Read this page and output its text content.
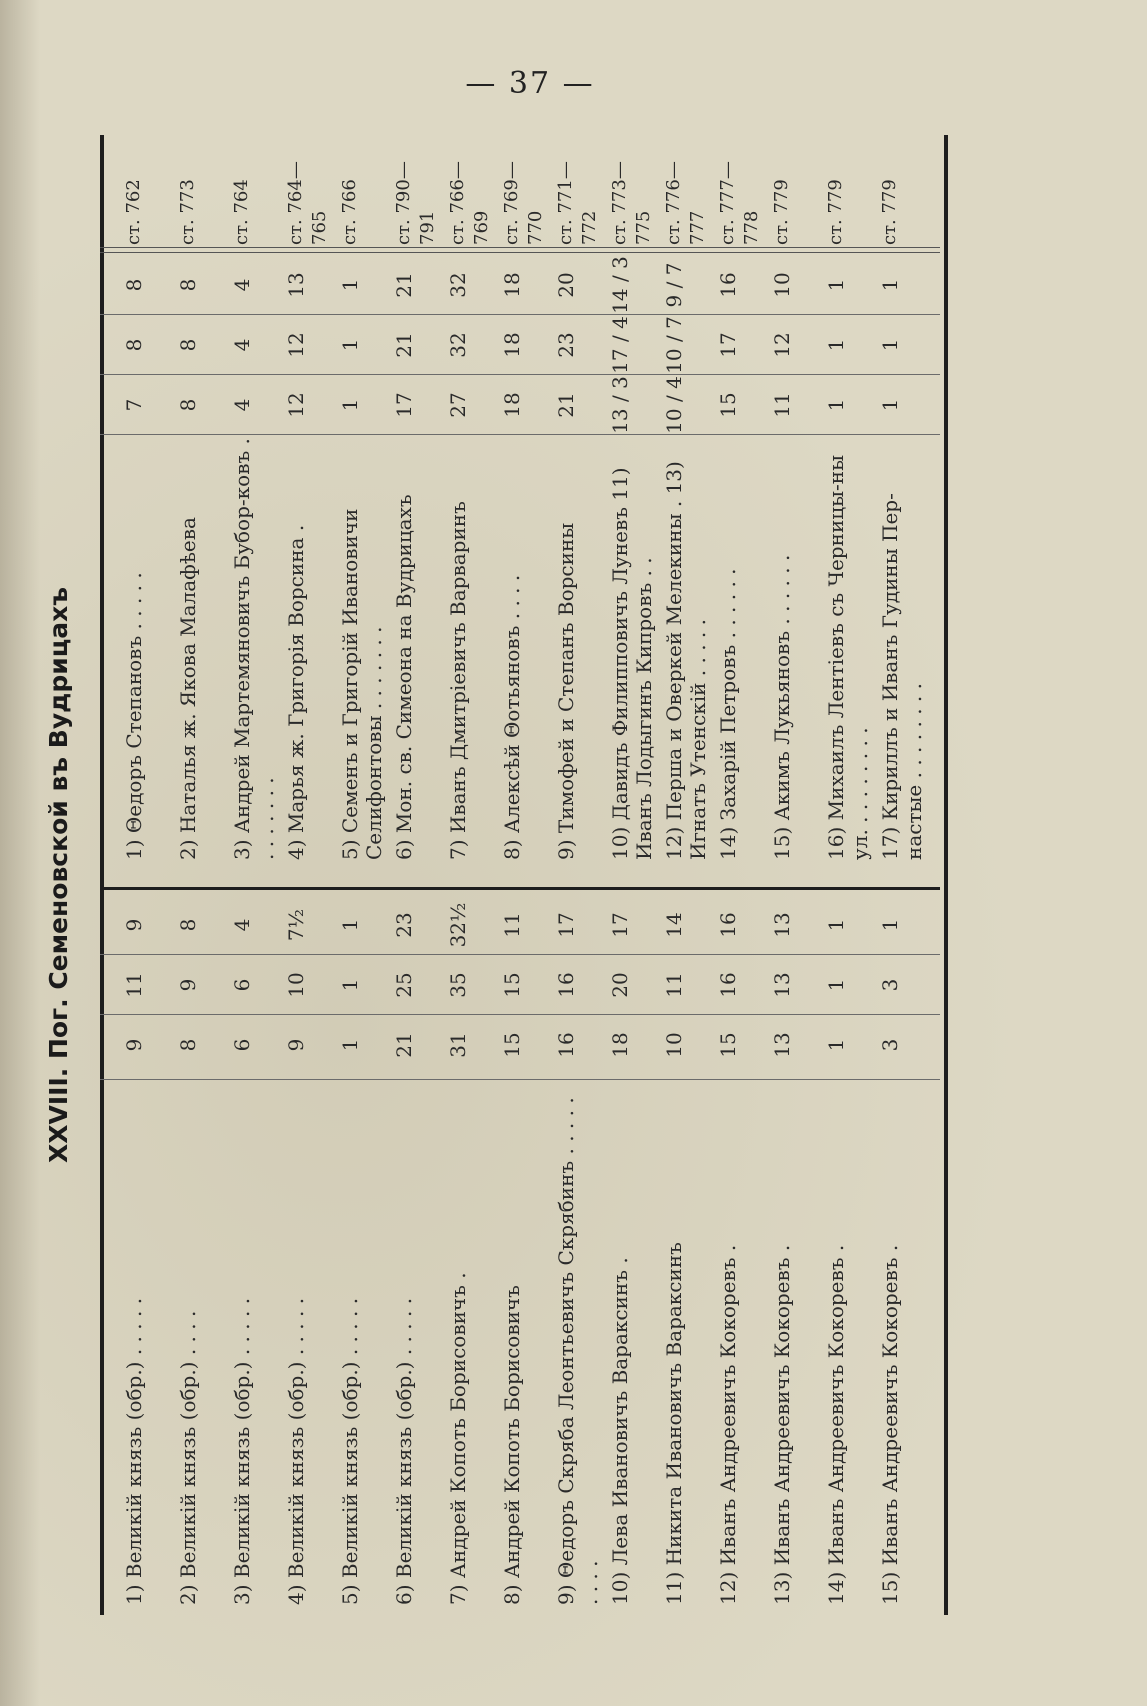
— 37 —
XXVIII. Пог. Семеновской въ Вудрицахъ
1) Великій князь (обр.) . . . . .
9
11
9
1) Θедоръ Степановъ . . . . .
7
8
8
ст. 762
2) Великій князь (обр.) . . . .
8
9
8
2) Наталья ж. Якова Малафѣева
8
8
8
ст. 773
3) Великій князь (обр.) . . . . .
6
6
4
3) Андрей Мартемяновичъ Бубор-ковъ . . . . . . . .
4
4
4
ст. 764
4) Великій князь (обр.) . . . . .
9
10
7½
4) Марья ж. Григорія Ворсина .
12
12
13
ст. 764—765
5) Великій князь (обр.) . . . . .
1
1
1
5) Семенъ и Григорій Ивановичи Селифонтовы . . . . . . .
1
1
1
ст. 766
6) Великій князь (обр.) . . . . .
21
25
23
6) Мон. св. Симеона на Вудрицахъ
17
21
21
ст. 790—791
7) Андрей Копоть Борисовичъ .
31
35
32½
7) Иванъ Дмитріевичъ Варваринъ
27
32
32
ст. 766—769
8) Андрей Копоть Борисовичъ
15
15
11
8) Алексѣй Θотьяновъ . . . .
18
18
18
ст. 769—770
9) Θедоръ Скряба Леонтьевичъ Скрябинъ . . . . . . . . .
16
16
17
9) Тимофей и Степанъ Ворсины
21
23
20
ст. 771—772
10) Лева Ивановичъ Вараксинъ .
18
20
17
10) Давидъ Филипповичъ Луневъ 11) Иванъ Лодыгинъ Кипровъ . .
13 / 3
17 / 4
14 / 3
ст. 773—775
11) Никита Ивановичъ Вараксинъ
10
11
14
12) Перша и Оверкей Мелекины . 13) Игнатъ Утенскій . . . . .
10 / 4
10 / 7
9 / 7
ст. 776—777
12) Иванъ Андреевичъ Кокоревъ .
15
16
16
14) Захарій Петровъ . . . . . .
15
17
16
ст. 777—778
13) Иванъ Андреевичъ Кокоревъ .
13
13
13
15) Акимъ Лукьяновъ . . . . . .
11
12
10
ст. 779
14) Иванъ Андреевичъ Кокоревъ .
1
1
1
16) Михаилъ Лентіевъ съ Черницы-ны ул. . . . . . . . .
1
1
1
ст. 779
15) Иванъ Андреевичъ Кокоревъ .
3
3
1
17) Кириллъ и Иванъ Гудины Пер-настые . . . . . . . .
1
1
1
ст. 779
